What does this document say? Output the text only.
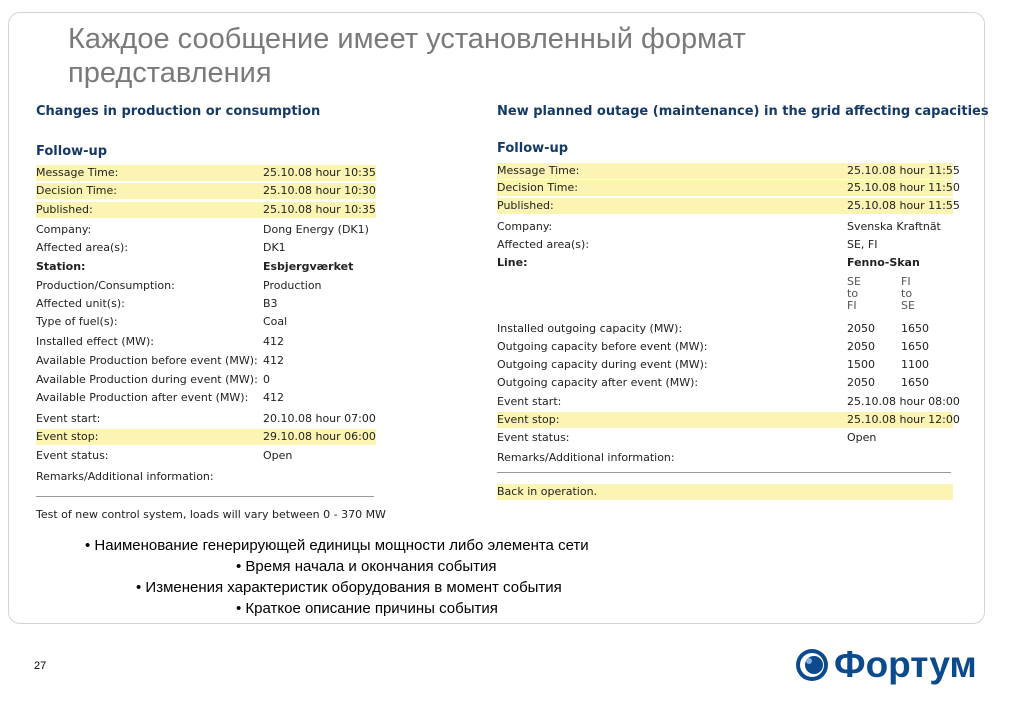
Каждое сообщение имеет установленный формат представления
Changes in production or consumption
Follow-up
Message Time:	25.10.08 hour 10:35
Decision Time:	25.10.08 hour 10:30
Published:	25.10.08 hour 10:35
Company:	Dong Energy (DK1)
Affected area(s):	DK1
Station:	Esbjergværket
Production/Consumption:	Production
Affected unit(s):	B3
Type of fuel(s):	Coal
Installed effect (MW):	412
Available Production before event (MW): 412
Available Production during event (MW): 0
Available Production after event (MW): 412
Event start:	20.10.08 hour 07:00
Event stop:	29.10.08 hour 06:00
Event status:	Open
Remarks/Additional information:
Test of new control system, loads will vary between 0 - 370 MW
New planned outage (maintenance) in the grid affecting capacities
Follow-up
Message Time:	25.10.08 hour 11:55
Decision Time:	25.10.08 hour 11:50
Published:	25.10.08 hour 11:55
Company:	Svenska Kraftnät
Affected area(s):	SE, FI
Line:	Fenno-Skan
SE	FI
to	to
FI	SE
Installed outgoing capacity (MW):	2050 1650
Outgoing capacity before event (MW):	2050 1650
Outgoing capacity during event (MW):	1500 1100
Outgoing capacity after event (MW):	2050 1650
Event start:	25.10.08 hour 08:00
Event stop:	25.10.08 hour 12:00
Event status:	Open
Remarks/Additional information:
Back in operation.
• Наименование генерирующей единицы мощности либо элемента сети
• Время начала и окончания события
• Изменения характеристик оборудования в момент события
• Краткое описание причины события
27	Фортум
